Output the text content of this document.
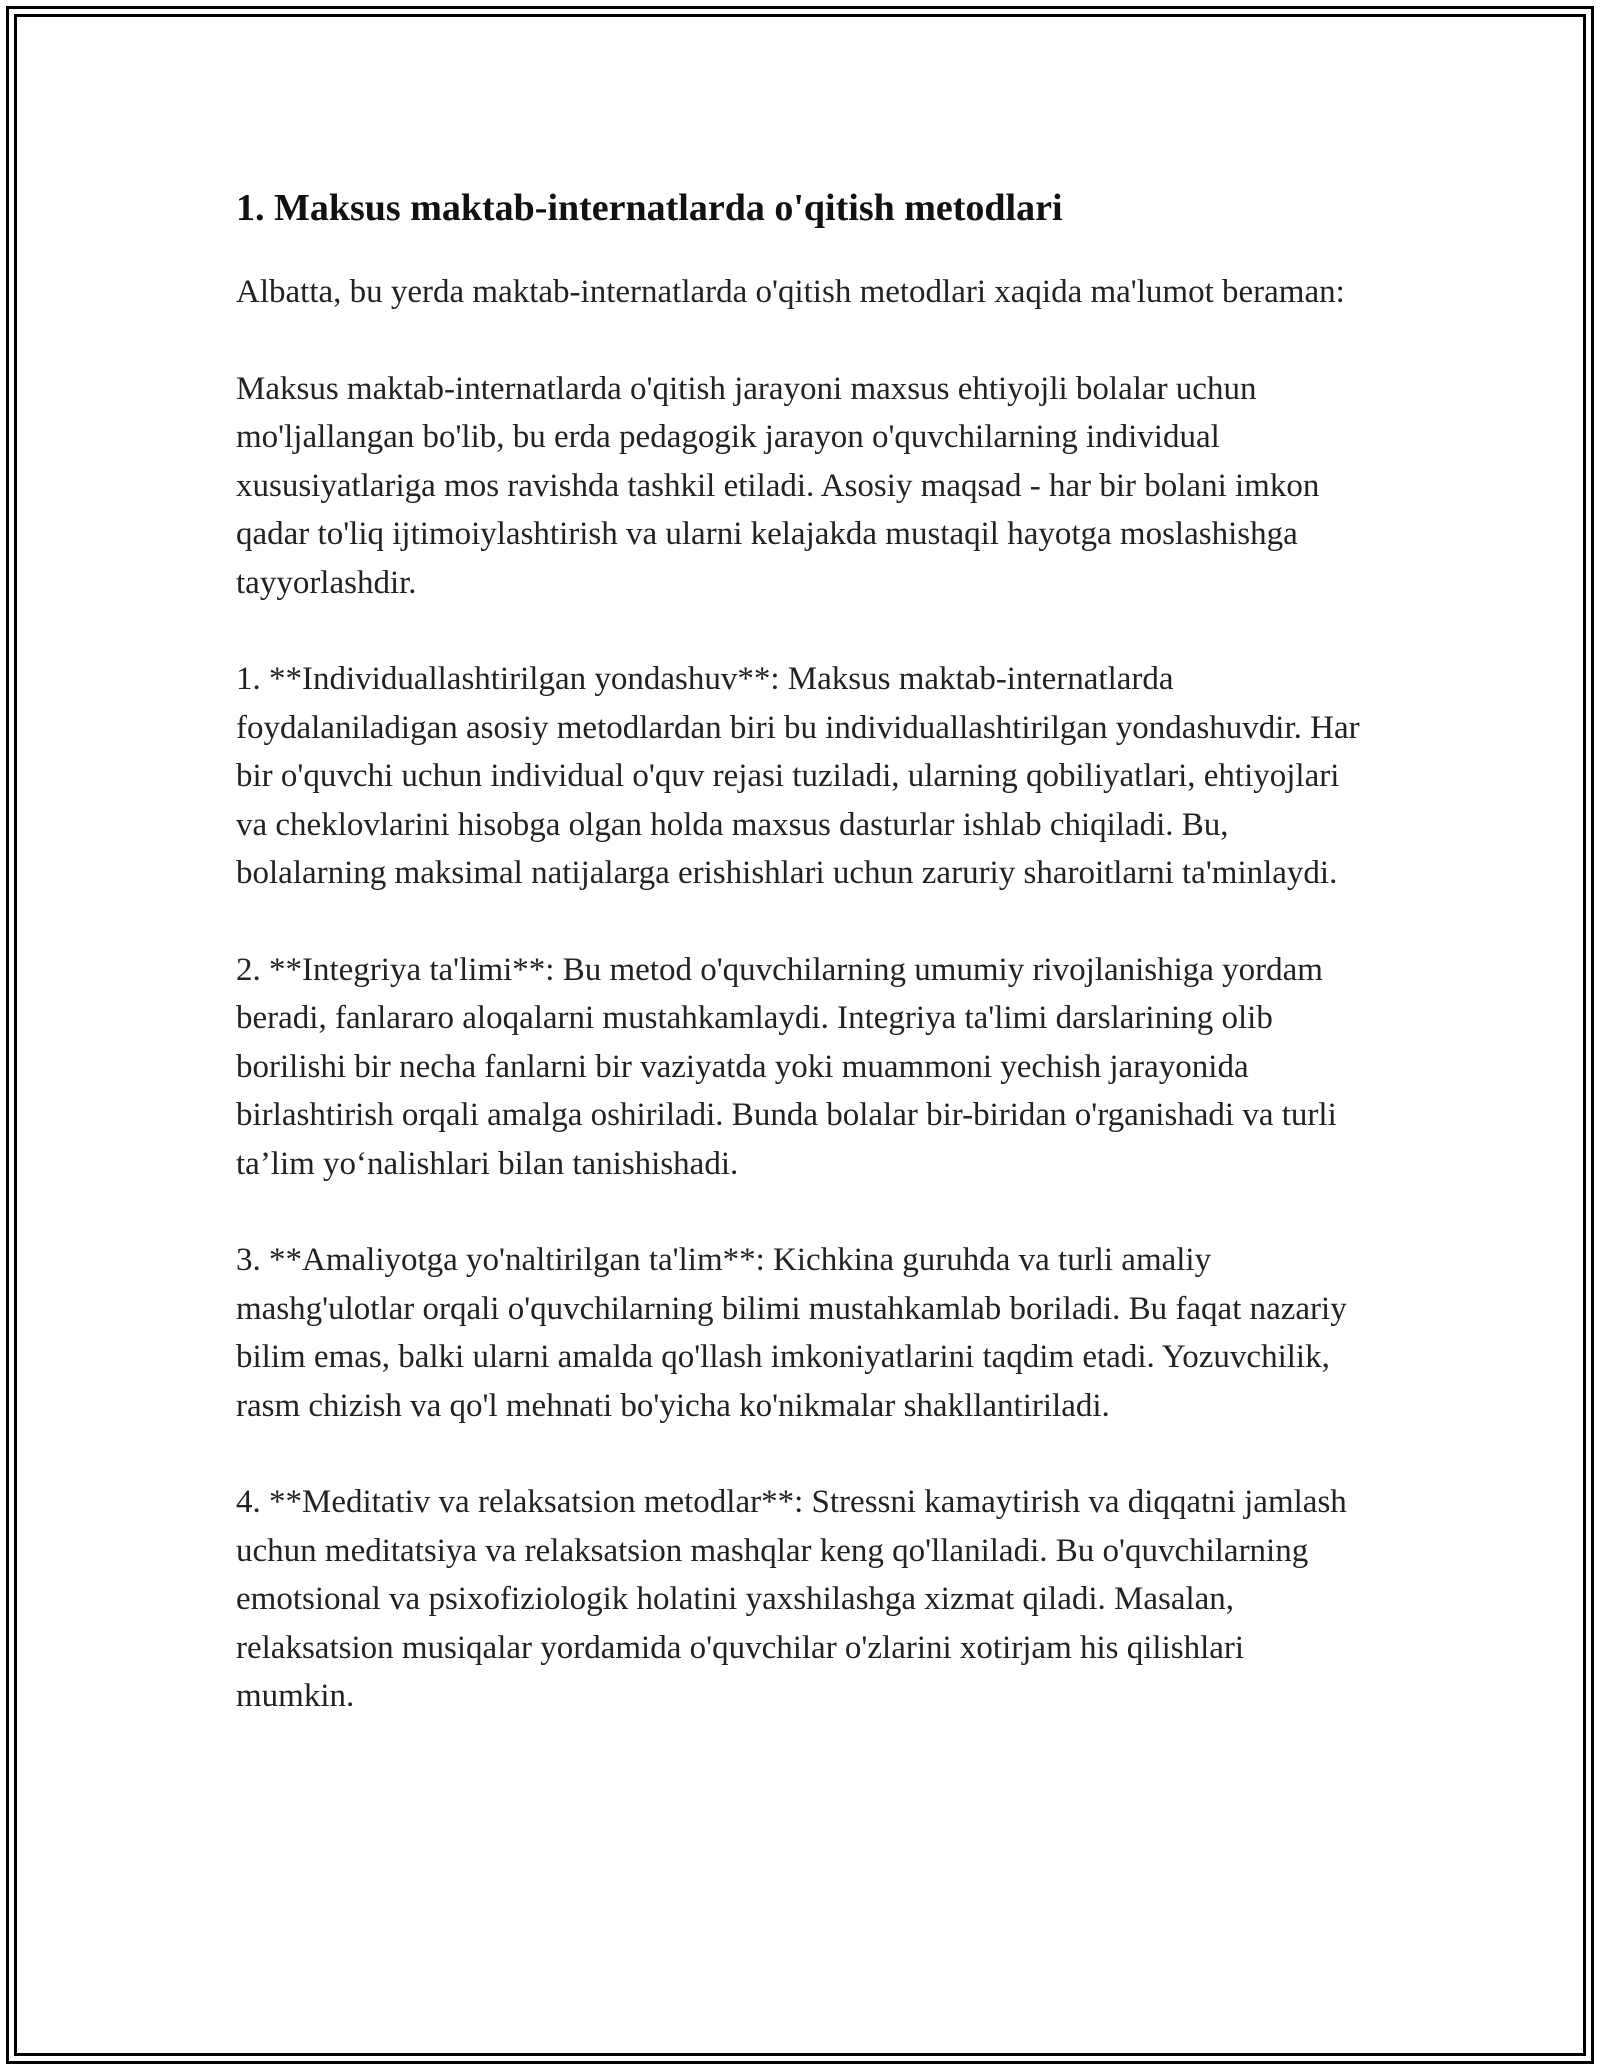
1. Maksus maktab-internatlarda o'qitish metodlari

Albatta, bu yerda maktab-internatlarda o'qitish metodlari xaqida ma'lumot beraman:

Maksus maktab-internatlarda o'qitish jarayoni maxsus ehtiyojli bolalar uchun mo'ljallangan bo'lib, bu erda pedagogik jarayon o'quvchilarning individual xususiyatlariga mos ravishda tashkil etiladi. Asosiy maqsad - har bir bolani imkon qadar to'liq ijtimoiylashtirish va ularni kelajakda mustaqil hayotga moslashishga tayyorlashdir.

1. **Individuallashtirilgan yondashuv**: Maksus maktab-internatlarda foydalaniladigan asosiy metodlardan biri bu individuallashtirilgan yondashuvdir. Har bir o'quvchi uchun individual o'quv rejasi tuziladi, ularning qobiliyatlari, ehtiyojlari va cheklovlarini hisobga olgan holda maxsus dasturlar ishlab chiqiladi. Bu, bolalarning maksimal natijalarga erishishlari uchun zaruriy sharoitlarni ta'minlaydi.

2. **Integriya ta'limi**: Bu metod o'quvchilarning umumiy rivojlanishiga yordam beradi, fanlararo aloqalarni mustahkamlaydi. Integriya ta'limi darslarining olib borilishi bir necha fanlarni bir vaziyatda yoki muammoni yechish jarayonida birlashtirish orqali amalga oshiriladi. Bunda bolalar bir-biridan o'rganishadi va turli ta’lim yo‘nalishlari bilan tanishishadi.

3. **Amaliyotga yo'naltirilgan ta'lim**: Kichkina guruhda va turli amaliy mashg'ulotlar orqali o'quvchilarning bilimi mustahkamlab boriladi. Bu faqat nazariy bilim emas, balki ularni amalda qo'llash imkoniyatlarini taqdim etadi. Yozuvchilik, rasm chizish va qo'l mehnati bo'yicha ko'nikmalar shakllantiriladi.

4. **Meditativ va relaksatsion metodlar**: Stressni kamaytirish va diqqatni jamlash uchun meditatsiya va relaksatsion mashqlar keng qo'llaniladi. Bu o'quvchilarning emotsional va psixofiziologik holatini yaxshilashga xizmat qiladi. Masalan, relaksatsion musiqalar yordamida o'quvchilar o'zlarini xotirjam his qilishlari mumkin.
